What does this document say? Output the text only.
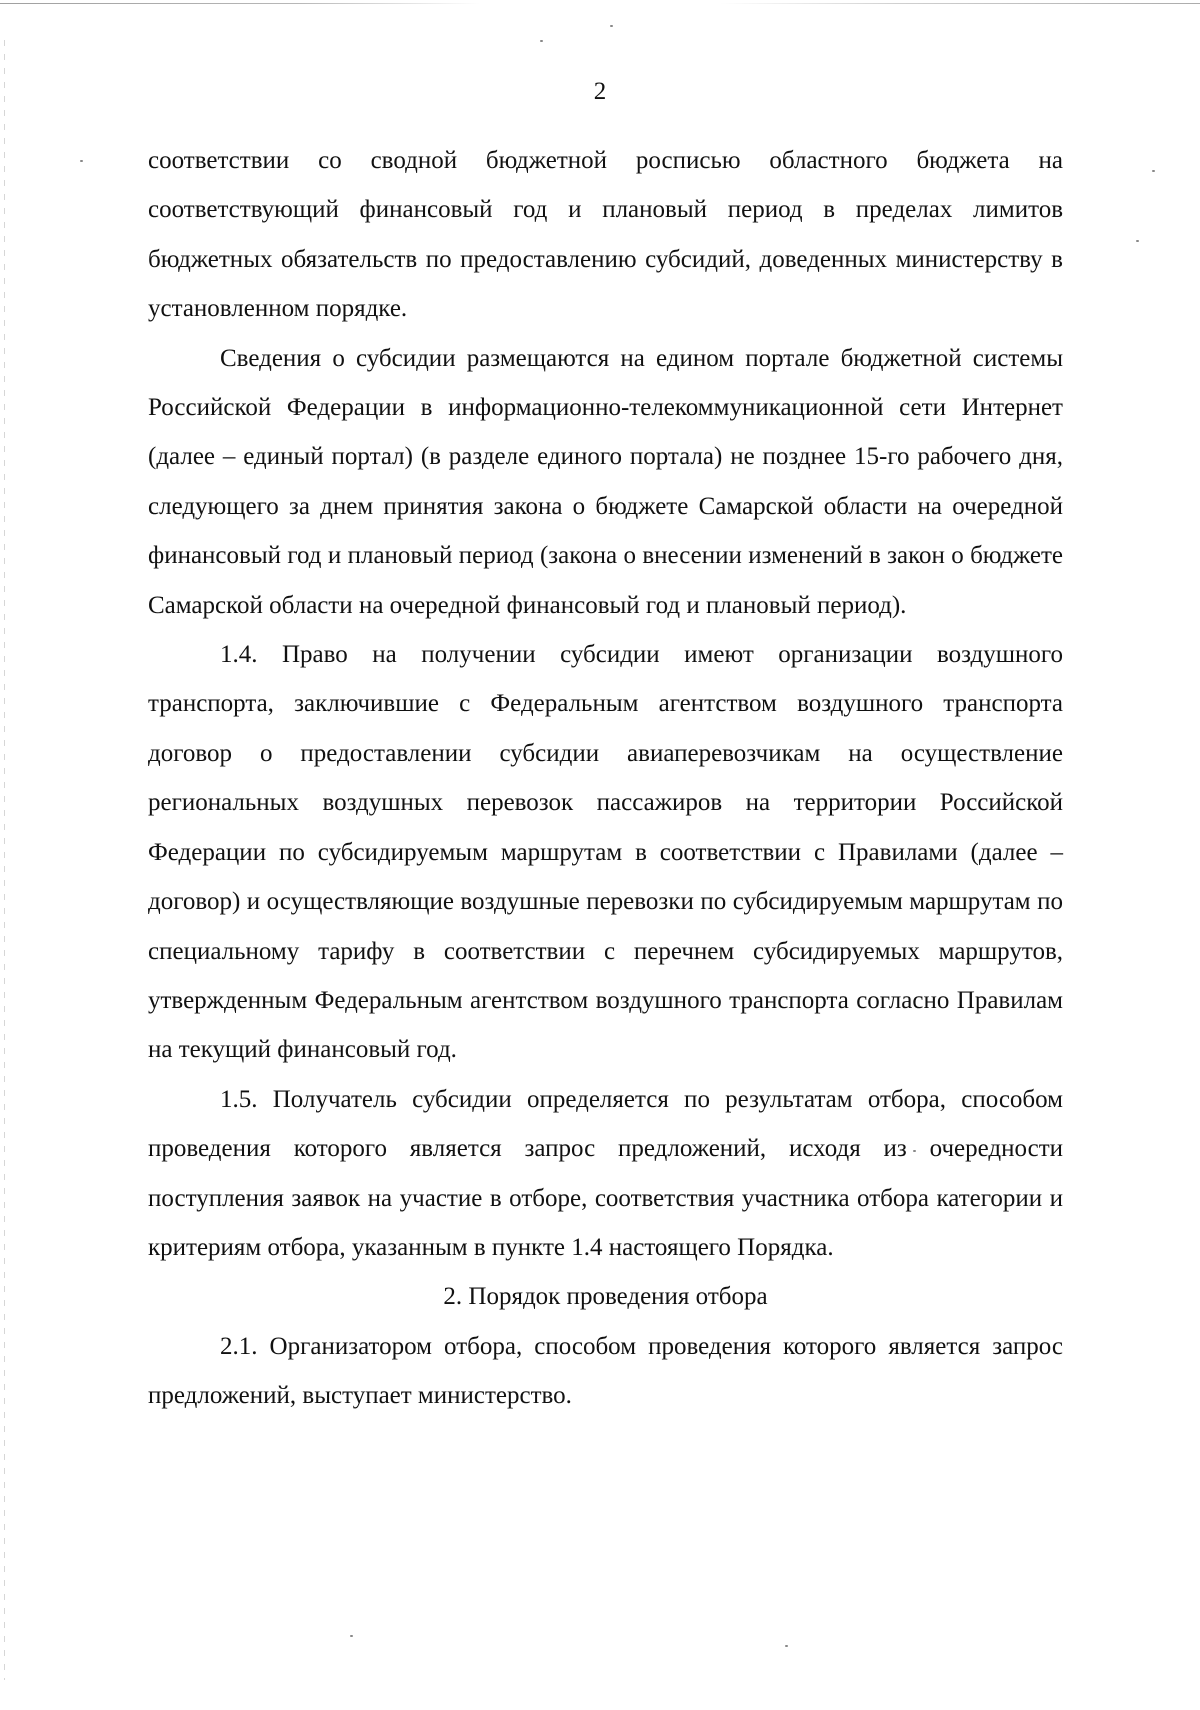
2

соответствии со сводной бюджетной росписью областного бюджета на соответствующий финансовый год и плановый период в пределах лимитов бюджетных обязательств по предоставлению субсидий, доведенных министерству в установленном порядке.

Сведения о субсидии размещаются на едином портале бюджетной системы Российской Федерации в информационно-телекоммуникационной сети Интернет (далее – единый портал) (в разделе единого портала) не позднее 15-го рабочего дня, следующего за днем принятия закона о бюджете Самарской области на очередной финансовый год и плановый период (закона о внесении изменений в закон о бюджете Самарской области на очередной финансовый год и плановый период).

1.4. Право на получении субсидии имеют организации воздушного транспорта, заключившие с Федеральным агентством воздушного транспорта договор о предоставлении субсидии авиаперевозчикам на осуществление региональных воздушных перевозок пассажиров на территории Российской Федерации по субсидируемым маршрутам в соответствии с Правилами (далее – договор) и осуществляющие воздушные перевозки по субсидируемым маршрутам по специальному тарифу в соответствии с перечнем субсидируемых маршрутов, утвержденным Федеральным агентством воздушного транспорта согласно Правилам на текущий финансовый год.

1.5. Получатель субсидии определяется по результатам отбора, способом проведения которого является запрос предложений, исходя из очередности поступления заявок на участие в отборе, соответствия участника отбора категории и критериям отбора, указанным в пункте 1.4 настоящего Порядка.

2. Порядок проведения отбора

2.1. Организатором отбора, способом проведения которого является запрос предложений, выступает министерство.
